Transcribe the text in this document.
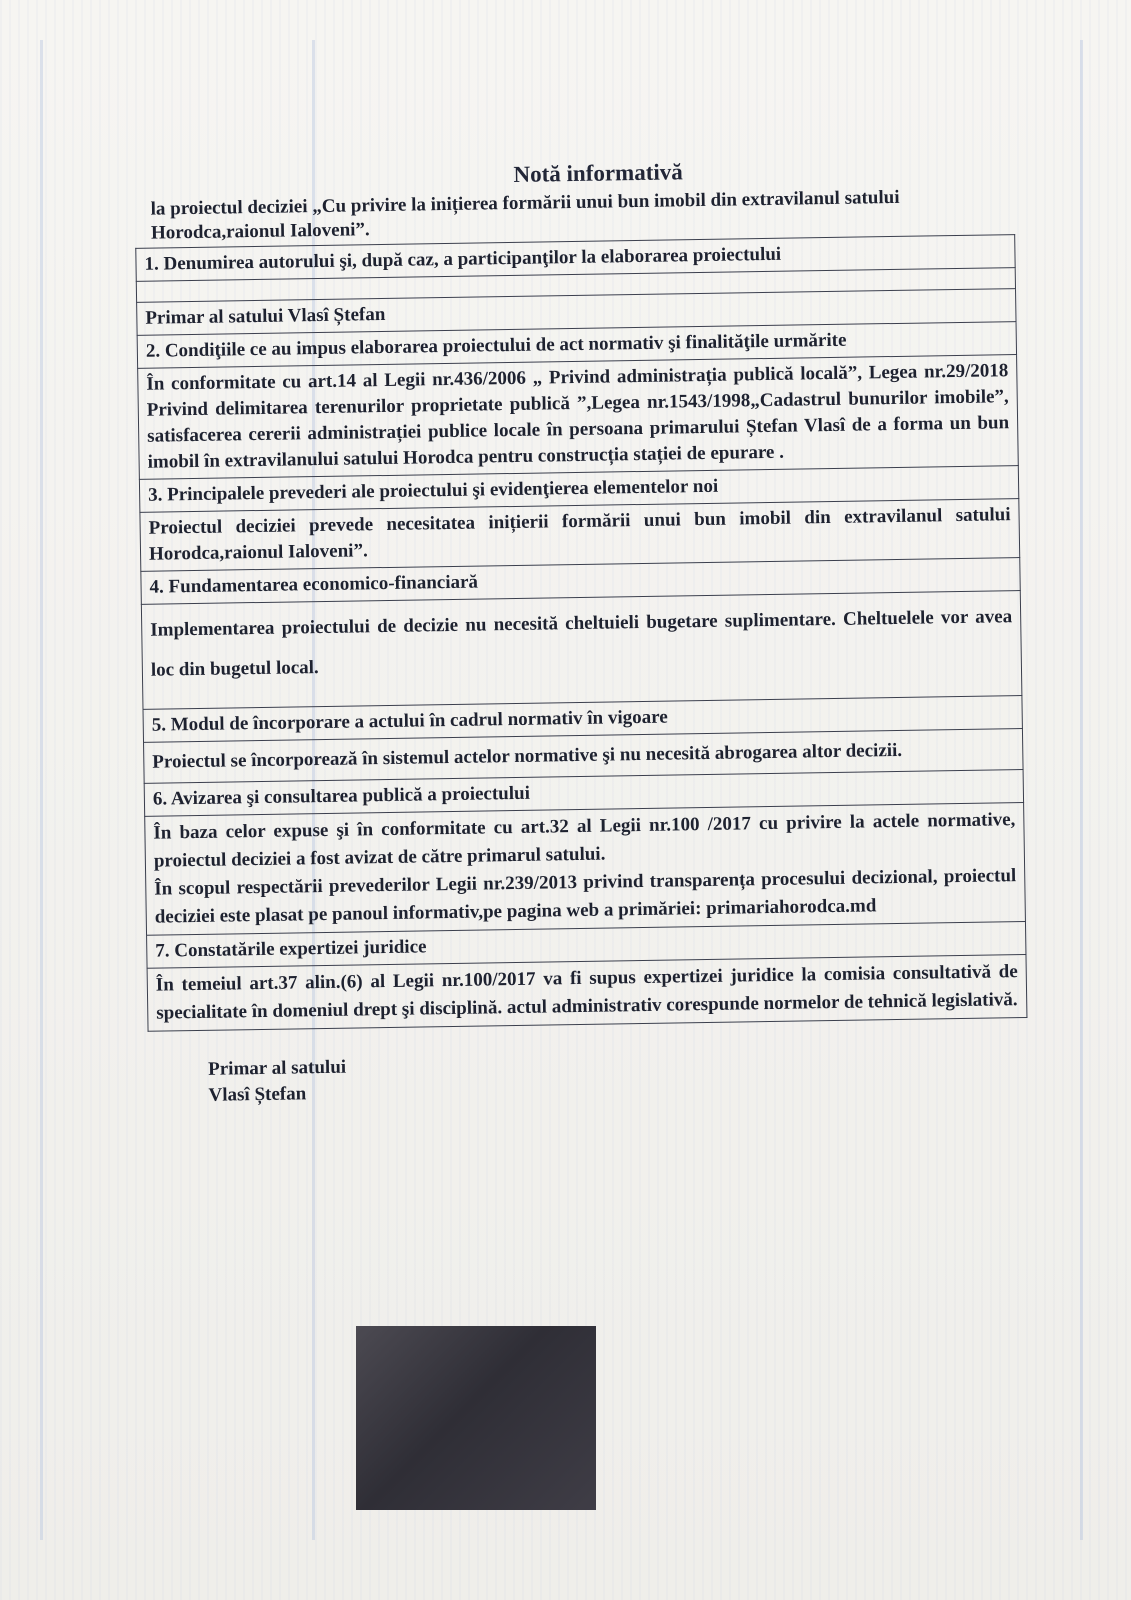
Notă informativă
la proiectul deciziei „Cu privire la inițierea formării unui bun imobil din extravilanul satului Horodca,raionul Ialoveni”.
1. Denumirea autorului şi, după caz, a participanţilor la elaborarea proiectului

Primar al satului Vlasî Ștefan
2. Condiţiile ce au impus elaborarea proiectului de act normativ şi finalităţile urmărite
În conformitate cu art.14 al Legii nr.436/2006 „ Privind administrația publică locală”, Legea nr.29/2018 Privind delimitarea terenurilor proprietate publică ”,Legea nr.1543/1998„Cadastrul bunurilor imobile”, satisfacerea cererii administrației publice locale în persoana primarului Ștefan Vlasî de a forma un bun imobil în extravilanului satului Horodca pentru construcția stației de epurare .
3. Principalele prevederi ale proiectului şi evidenţierea elementelor noi
Proiectul deciziei prevede necesitatea inițierii formării unui bun imobil din extravilanul satului Horodca,raionul Ialoveni”.
4. Fundamentarea economico-financiară
Implementarea proiectului de decizie nu necesită cheltuieli bugetare suplimentare. Cheltuelele vor avea loc din bugetul local.
5. Modul de încorporare a actului în cadrul normativ în vigoare
Proiectul se încorporează în sistemul actelor normative şi nu necesită abrogarea altor decizii.
6. Avizarea şi consultarea publică a proiectului

În baza celor expuse şi în conformitate cu art.32 al Legii nr.100 /2017 cu privire la actele normative, proiectul deciziei a fost avizat de către primarul satului.
În scopul respectării prevederilor Legii nr.239/2013 privind transparența procesului decizional, proiectul deciziei este plasat pe panoul informativ,pe pagina web a primăriei: primariahorodca.md

7. Constatările expertizei juridice
În temeiul art.37 alin.(6) al Legii nr.100/2017 va fi supus expertizei juridice la comisia consultativă de specialitate în domeniul drept şi disciplină. actul administrativ corespunde normelor de tehnică legislativă.
Primar al satului
Vlasî Ștefan
